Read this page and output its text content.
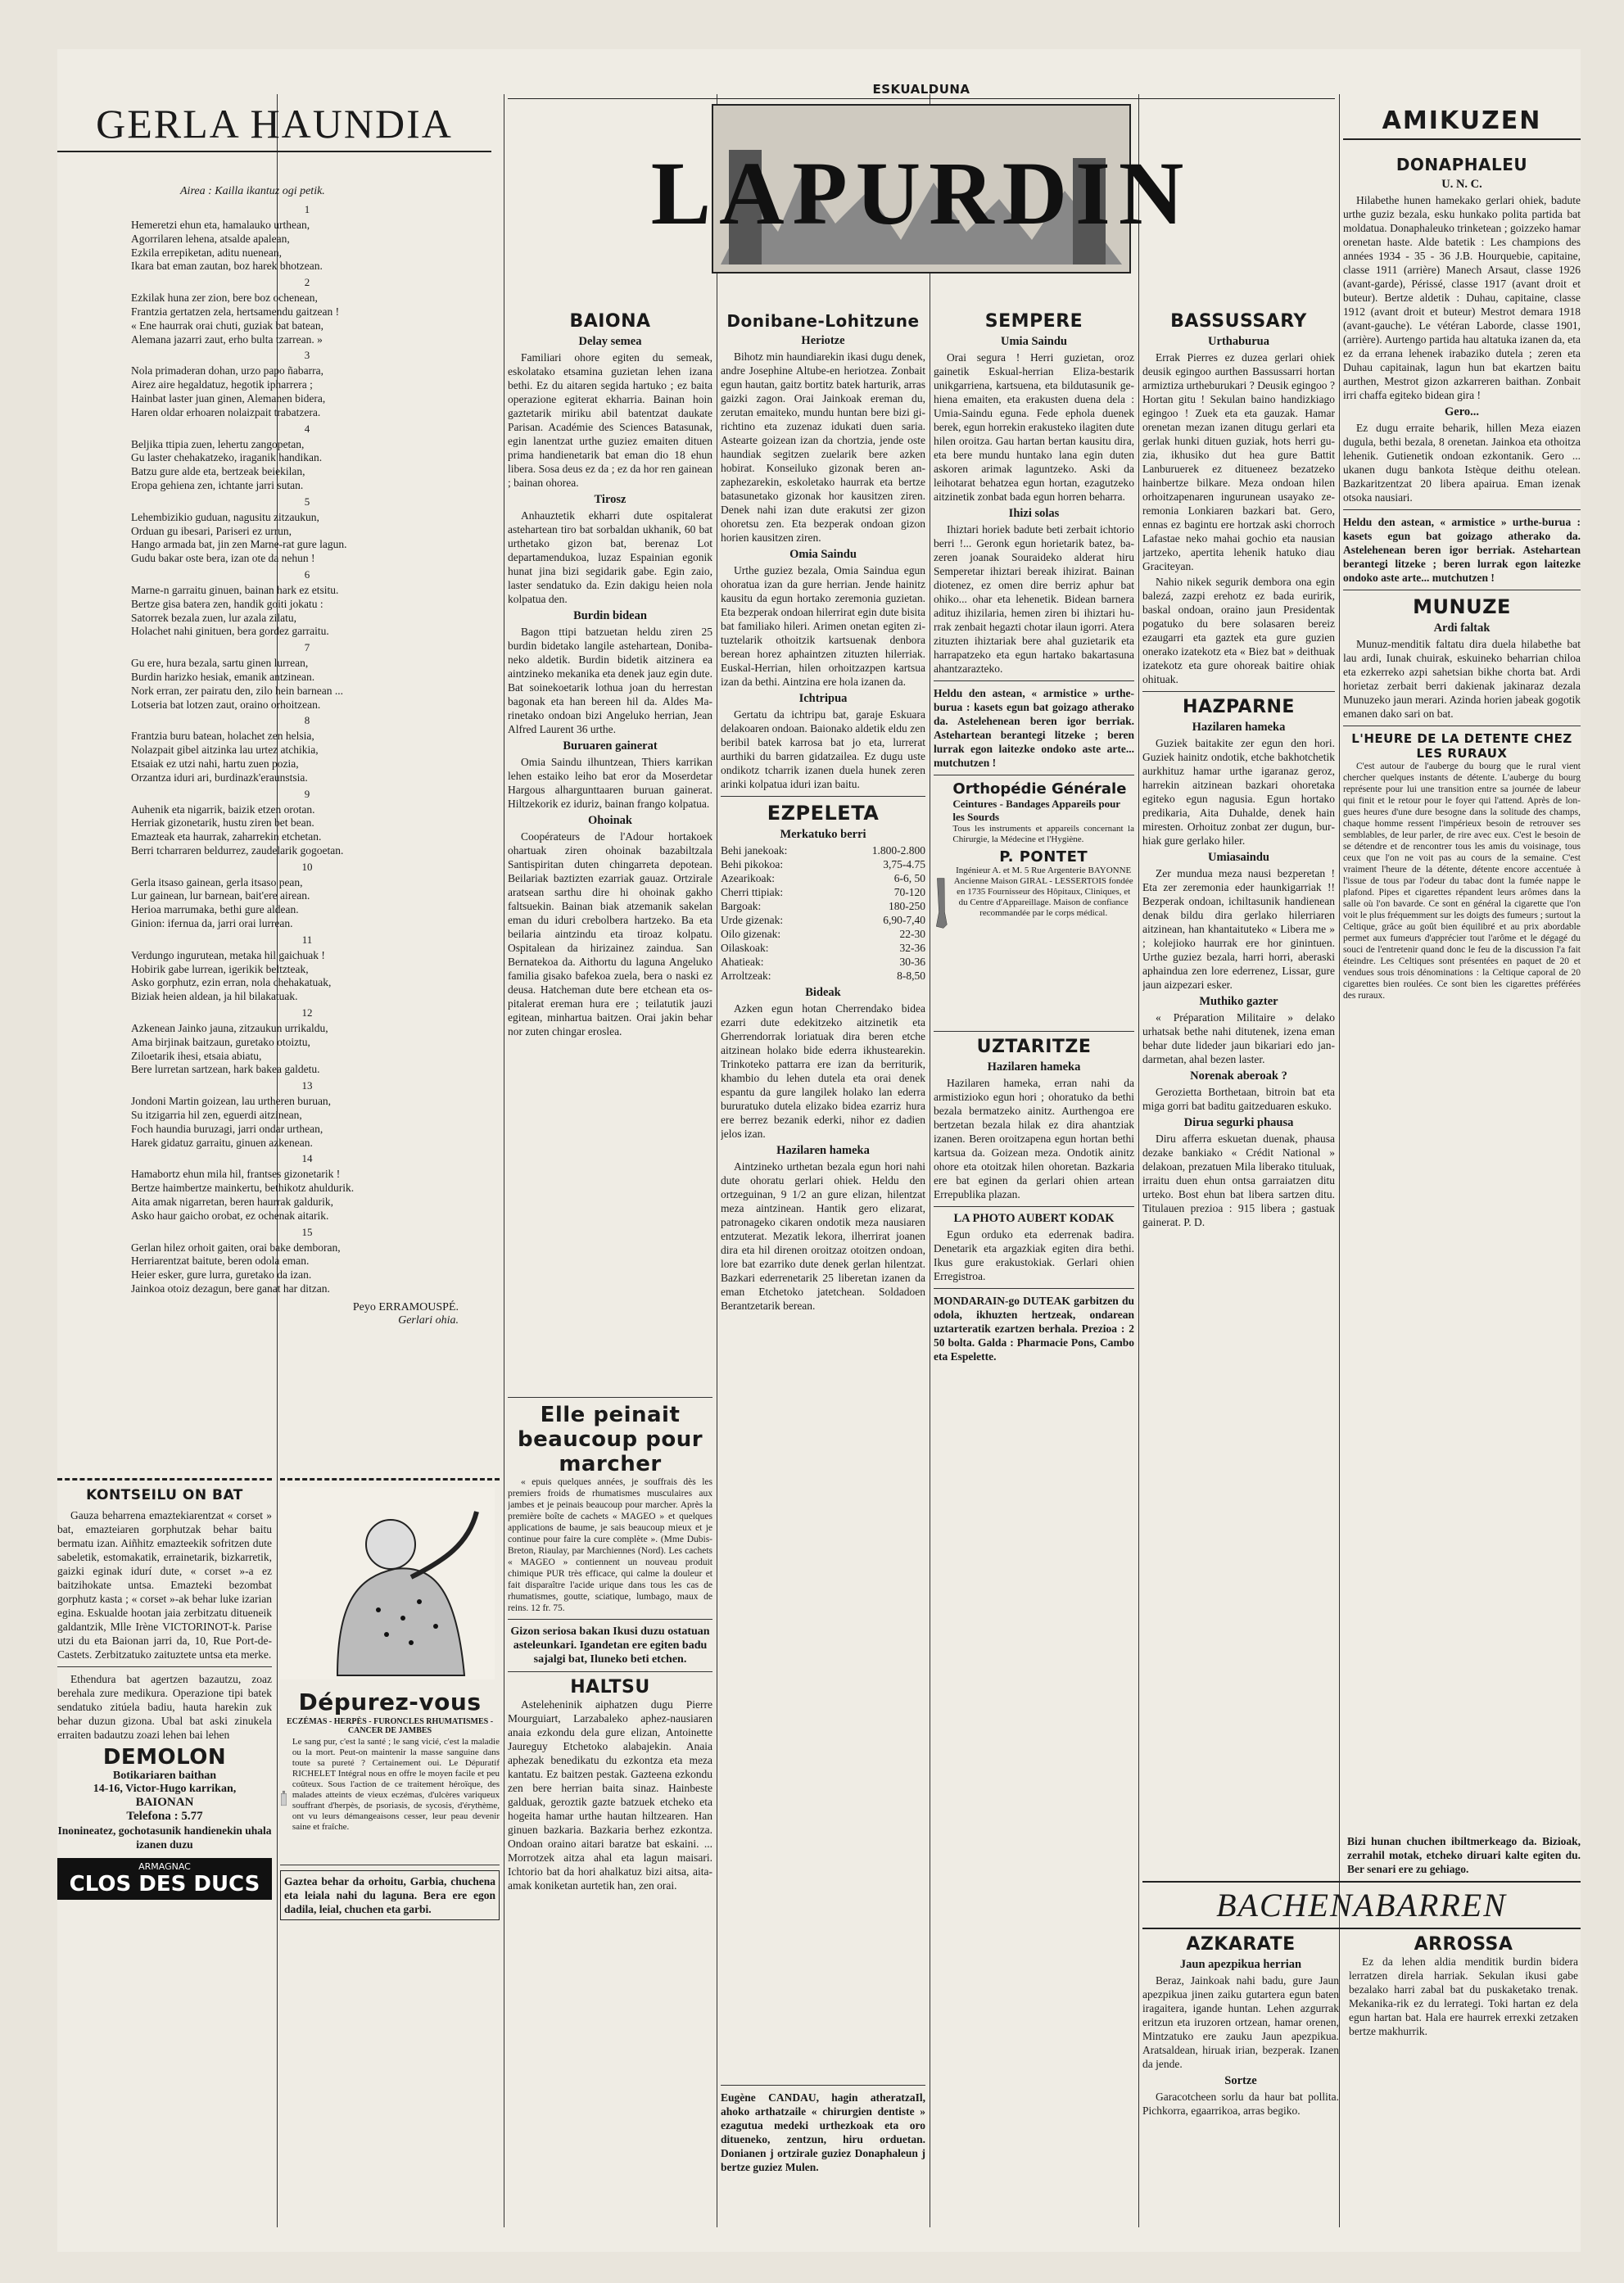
GERLA HAUNDIA
Airea : Kailla ikantuz ogi petik.
1

Hemeretzi ehun eta, hamalauko urthean,

Agorrilaren lehena, atsalde apalean,

Ezkila errepiketan, aditu nuenean,

Ikara bat eman zautan, boz harek bhotzean.

2

Ezkilak huna zer zion, bere boz ochenean,

Frantzia gertatzen zela, hertsamendu gaitzean !

« Ene haurrak orai chuti, guziak bat batean,

Alemana jazarri zaut, erho bulta tzarrean. »

3

Nola primaderan dohan, urzo papo ñabarra,

Airez aire hegaldatuz, hegotik ipharrera ;

Hainbat laster juan ginen, Alemanen bidera,

Haren oldar erhoaren nolaizpait trabatzera.

4

Beljika ttipia zuen, lehertu zangopetan,

Gu laster chehakatzeko, iraganik handikan.

Batzu gure alde eta, bertzeak beiekilan,

Eropa gehiena zen, ichtante jarri sutan.

5

Lehembizikio guduan, nagusitu zitzaukun,

Orduan gu ibesari, Pariseri ez urrun,

Hango armada bat, jin zen Marne-rat gure lagun.

Gudu bakar oste bera, izan ote da nehun !

6

Marne-n garraitu ginuen, bainan hark ez etsitu.

Bertze gisa batera zen, handik goiti jokatu :

Satorrek bezala zuen, lur azala zilatu,

Holachet nahi ginituen, bera gordez garraitu.

7

Gu ere, hura bezala, sartu ginen lurrean,

Burdin harizko hesiak, emanik antzinean.

Nork erran, zer pairatu den, zilo hein barnean ...

Lotseria bat lotzen zaut, oraino orhoitzean.

8

Frantzia buru batean, holachet zen helsia,

Nolazpait gibel aitzinka lau urtez atchikia,

Etsaiak ez utzi nahi, hartu zuen pozia,

Orzantza iduri ari, burdinazk'eraunstsia.

9

Auhenik eta nigarrik, baizik etzen orotan.

Herriak gizonetarik, hustu ziren bet bean.

Emazteak eta haurrak, zaharrekin etchetan.

Berri tcharraren beldurrez, zaudelarik gogoetan.

10

Gerla itsaso gainean, gerla itsaso pean,

Lur gainean, lur barnean, bait'ere airean.

Herioa marrumaka, bethi gure aldean.

Ginion: ifernua da, jarri orai lurrean.

11

Verdungo ingurutean, metaka hil gaichuak !

Hobirik gabe lurrean, igerikik beltzteak,

Asko gorphutz, ezin erran, nola chehakatuak,

Biziak heien aldean, ja hil bilakatuak.

12

Azkenean Jainko jauna, zitzaukun urrikaldu,

Ama birjinak baitzaun, guretako otoiztu,

Ziloetarik ihesi, etsaia abiatu,

Bere lurretan sartzean, hark bakea galdetu.

13

Jondoni Martin goizean, lau urtheren buruan,

Su itzigarria hil zen, eguerdi aitzinean,

Foch haundia buruzagi, jarri ondar urthean,

Harek gidatuz garraitu, ginuen azkenean.

14

Hamabortz ehun mila hil, frantses gizonetarik !

Bertze haimbertze mainkertu, bethikotz ahuldurik.

Aita amak nigarretan, beren haurrak galdurik,

Asko haur gaicho orobat, ez ochenak aitarik.

15

Gerlan hilez orhoit gaiten, orai bake demboran,

Herriarentzat baitute, beren odola eman.

Heier esker, gure lurra, guretako da izan.

Jainkoa otoiz dezagun, bere ganat har ditzan.

Peyo ERRAMOUSPÉ.
Gerlari ohia.
KONTSEILU ON BAT
Gauza beharrena emaztekiarentzat « corset » bat, emazteiaren gorphutzak behar baitu bermatu izan. Aiñhitz emazteekik sofritzen dute sabeletik, estomakatik, errainetarik, bizkarretik, gaizki eginak idurí dute, « corset »-a ez baitzihokate untsa. Emazteki bezombat gorphutz kasta ; « corset »-ak behar luke izarian egina. Eskualde hootan jaia zerbitzatu ditueneik galdantzik, Mlle Irène VICTORINOT-k. Parise utzi du eta Baionan jarri da, 10, Rue Port-de-Castets. Zerbitzatuko zaituztete untsa eta merke.
Ethendura bat agertzen bazautzu, zoaz berehala zure medikura. Operazione tipi batek sendatuko zitúela badiu, hauta harekin zuk behar duzun gizona. Ubal bat aski zinukela erraiten badautzu zoazi lehen bai lehen
DEMOLON
Botikariaren baithan
14-16, Victor-Hugo karrikan,
BAIONAN
Telefona : 5.77
Inonineatez, gochotasunik handienekin uhala izanen duzu
ARMAGNAC
CLOS DES DUCS
Dépurez-vous
ECZÉMAS - HERPÈS - FURONCLES RHUMATISMES - CANCER DE JAMBES
Le sang pur, c'est la santé ; le sang vicié, c'est la maladie ou la mort. Peut-on maintenir la masse sanguine dans toute sa pureté ? Certainement oui. Le Dépuratif RICHELET Intégral nous en offre le moyen facile et peu coûteux. Sous l'action de ce traitement héroïque, des malades atteints de vieux eczémas, d'ulcères variqueux souffrant d'herpès, de psoriasis, de sycosis, d'érythème, ont vu leurs démangeaisons cesser, leur peau devenir saine et fraîche.
Gaztea behar da orhoitu, Garbia, chuchena eta leiala nahi du laguna. Bera ere egon dadila, leial, chuchen eta garbi.
ESKUALDUNA
LAPURDIN
BAIONA
Delay semea
Familiari ohore egiten du semeak, eskolatako etsamina guzietan lehen izana bethi. Ez du aitaren segida hartuko ; ez baita operazione egiterat ekharria. Bainan hoin gaztetarik miriku abil batentzat daukate Parisan. Académie des Sciences Batasunak, egin lanentzat urthe guziez emaiten dituen prima handienetarik bat eman dio 18 ehun libera. Sosa deus ez da ; ez da hor ren gainean ; bainan ohorea.
Tirosz
Anhauztetik ekharri dute ospitalerat astehartean tiro bat sorbaldan ukhanik, 60 bat urthetako gizon bat, berenaz Lot departamendukoa, luzaz Espainian egonik hunat jina bizi segidarik gabe. Egin zaio, laster sendatuko da. Ezin dakigu heien nola kolpatua den.
Burdin bidean
Bagon ttipi batzuetan heldu ziren 25 burdin bidetako langile astehartean, Donibaneko aldetik. Burdin bidetik aitzinera ea aintzineko mekanika eta denek jauz egin dute. Bat soinekoetarik lothua joan du herrestan bagonak eta han bereen hil da. Aldes Marinetako ondoan bizi Angeluko herrian, Jean Alfred Laurent 36 urthe.
Buruaren gainerat
Omia Saindu ilhuntzean, Thiers karrikan lehen estaiko leiho bat eror da Moserdetar Hargous alhargunttaaren buruan gainerat. Hiltzekorik ez iduriz, bainan frango kolpatua.
Ohoinak
Coopérateurs de l'Adour hortakoek ohartuak ziren ohoinak bazabiltzala Santispiritan duten chingarreta depotean. Beilariak baztizten ezarriak gauaz. Ortziralе aratsean sarthu dire hi ohoinak gakho faltsuekin. Bainan biak atzemanik sakelan eman du iduri crebolbera hartzeko. Ba eta beilaria aintzindu eta tiroaz kolpatu. Ospitalean da hirizainez zaindua. San Bernatekoa da. Aithortu du laguna Angeluko familia gisako bafekoa zuela, bera o naski ez deusa. Hatcheman dute bere etchean eta ospitalerat ereman hura ere ; teilatutik jauzi egitean, minhartua baitzen. Orai jakin behar nor zuten chingar eroslea.
Elle peinait beaucoup pour marcher
« epuis quelques années, je souffrais dès les premiers froids de rhumatismes musculaires aux jambes et je peinais beaucoup pour marcher. Après la première boîte de cachets « MAGEO » et quelques applications de baume, je sais beaucoup mieux et je continue pour faire la cure complète ». (Mme Dubis-Breton, Riaulay, par Marchiennes (Nord). Les cachets « MAGEO » contiennent un nouveau produit chimique PUR très efficace, qui calme la douleur et fait disparaître l'acide urique dans tous les cas de rhumatismes, goutte, sciatique, lumbago, maux de reins. 12 fr. 75.
Gizon seriosa bakan Ikusi duzu ostatuan asteleunkari. Igandetan ere egiten badu sajalgi bat, Iluneko beti etchen.
HALTSU
Asteleheninik aiphatzen dugu Pierre Mourguiart, Larzabaleko aphez-nausiaren anaia ezkondu dela gure elizan, Antoinette Jaureguy Etchetoko alabajekin. Anaia aphezak benedikatu du ezkontza eta meza kantatu. Ez baitzen pestak. Gazteena ezkondu zen bere herrian baita sinaz. Hainbeste galduak, geroztik gazte batzuek etcheko eta hogeita hamar urthe hautan hiltzearen. Han ginuen bazkaria. Bazkaria berhez ezkontza. Ondoan oraino aitari baratze bat eskaini. ... Morrotzek aitza ahal eta lagun maisari. Ichtorio bat da hori ahalkatuz bizi aitsa, aita-amak koniketan aurtetik han, zen orai.
Donibane-Lohitzune
Heriotze
Bihotz min haundiarekin ikasi dugu denek, andre Josephine Altube-en heriotzea. Zonbait egun hautan, gaitz bortitz batek harturik, arras gaizki zagon. Orai Jainkoak ereman du, zerutan emaiteko, mundu huntan bere bizi girichtino eta zuzenaz idukati duen saria. Astearte goizean izan da chortzia, jende oste haundiak segitzen zuelarik bere azken hobirat. Konseiluko gizonak beren anzaphezarekin, eskoletako haurrak eta bertze batasunetako gizonak hor kausitzen ziren. Denek nahi izan dute erakutsi zer gizon ohoretsu zen. Eta bezperak ondoan gizon horien kausitzen ziren.
Omia Saindu
Urthe guziez bezala, Omia Saindua egun ohoratua izan da gure herrian. Jende hainitz kausitu da egun hortako zeremonia guzietan. Eta bezperak ondoan hilerrirat egin dute bisita bat familiako hileri. Arimen onetan egiten zituztelarik othoitzik kartsuenak denbora berean horez aphaintzen zituzten hilerriak. Euskal-Herrian, hilen orhoitzazpen kartsua izan da bethi. Aintzina ere hola izanen da.
Ichtripua
Gertatu da ichtripu bat, garaje Eskuara delakoaren ondoan. Baionako aldetik eldu zen beribil batek karrosa bat jo eta, lurrerat aurthiki du barren gidatzailea. Ez dugu uste ondikotz tcharrik izanen duela hunek zeren arinki kolpatua iduri izan baitu.
EZPELETA
Merkatuko berri
Behi janekoak:	1.800-2.800
Behi pikokoa:	3,75-4.75
Azearikoak:	6-6, 50
Cherri ttipiak:	70-120
Bargoak:	180-250
Urde gizenak:	6,90-7,40
Oilo gizenak:	22-30
Oilaskoak:	32-36
Ahatieak:	30-36
Arroltzeak:	8-8,50
Bideak
Azken egun hotan Cherrendako bidea ezarri dute edekitzeko aitzinetik eta Gherrendorrak loriatuak dira beren etche aitzinean holako bide ederra ikhustearekin. Trinkoteko pattarra ere izan da berriturik, khambio du lehen dutela eta orai denek espantu da gure langilek holako lan ederra bururatuko dutela elizako bidea ezarriz hura ere berrez bezanik ederki, nihor ez dadien jelos izan.
Hazilaren hameka
Aintzineko urthetan bezala egun hori nahi dute ohoratu gerlari ohiek. Heldu den ortzeguinan, 9 1/2 an gure elizan, hilentzat meza aintzinean. Hantik gero elizarat, patronageko cikaren ondotik meza nausiaren entzuterat. Mezatik lekora, ilherrirat joanen dira eta hil direnen oroitzaz otoitzen ondoan, lore bat ezarriko dute denek gerlan hilentzat. Bazkari ederrenetarik 25 liberetan izanen da eman Etchetoko jatetchean. Soldadoen Berantzetarik berean.
SEMPERE
Umia Saindu
Orai segura ! Herri guzietan, oroz gainetik Eskual-herrian Eliza-bestarik unikgarriena, kartsuena, eta bildutasunik gehiena emaiten, eta erakusten duena dela : Umia-Saindu eguna. Fede ephola duenek berek, egun horrekin erakusteko ilagiten dute hilen oroitza. Gau hartan bertan kausitu dira, eta bere mundu huntako lana egin duten askoren arimak laguntzeko. Aski da leihotarat behatzea egun hortan, ezagutzeko aitzinetik zonbat bada egun horren beharra.
Ihizi solas
Ihiztari horiek badute beti zerbait ichtorio berri !... Geronk egun horietarik batez, bazeren joanak Souraideko alderat hiru Semperetar ihiztari bereak ihizirat. Bainan diotenez, ez omen dire berriz aphur bat ohiko... ohar eta lehenetik. Bidean barnera adituz ihizilaria, hemen ziren bi ihiztari hurrak zenbait hegazti chotar ilaun igorri. Atera zituzten ihiztariak bere ahal guzietarik eta harrapatzeko eta egun hartako bakartasuna ahantzarazteko.
Heldu den astean, « armistice » urthe-burua : kasets egun bat goizago atherako da. Astelehenean beren igor berriak. Astehartean berantegi litzeke ; beren lurrak egon laitezke ondoko aste arte... mutchutzen !
Orthopédie Générale
Ceintures - Bandages Appareils pour les Sourds
Tous les instruments et appareils concernant la Chirurgie, la Médecine et l'Hygiène.
P. PONTET
Ingénieur A. et M. 5 Rue Argenterie BAYONNE Ancienne Maison GIRAL - LESSERTOIS fondée en 1735 Fournisseur des Hôpitaux, Cliniques, et du Centre d'Appareillage. Maison de confiance recommandée par le corps médical.
UZTARITZE
Hazilaren hameka
Hazilaren hameka, erran nahi da armistizioko egun hori ; ohoratuko da bethi bezala bermatzeko ainitz. Aurthengoa ere bertzetan bezala hilak ez dira ahantziak izanen. Beren oroitzapena egun hortan bethi kartsua da. Goizean meza. Ondotik ainitz ohore eta otoitzak hilen ohoretan. Bazkaria ere bat eginen da gerlari ohien artean Errepublika plazan.
LA PHOTO AUBERT KODAK
Egun orduko eta ederrenak badira. Denetarik eta argazkiak egiten dira bethi. Ikus gure erakustokiak. Gerlari ohien Erregistroa.
MONDARAIN-go DUTEAK garbitzen du odola, ikhuzten hertzeak, ondarean uztarteratik ezartzen berhala. Prezioa : 2 50 bolta. Galda : Pharmacie Pons, Cambo eta Espelette.
Eugène CANDAU, hagin atheratzaIl, ahoko arthatzaile « chirurgien dentiste » ezagutua medeki urthezkoak eta oro ditueneko, zentzun, hiru orduetan. Donianen j ortzirale guziez Donaphaleun j bertze guziez Mulen.
BASSUSSARY
Urthaburua
Errak Pierres ez duzea gerlari ohiek deusik egingoo aurthen Bassussarri hortan armiztiza urtheburukari ? Deusik egingoo ? Hortan gitu ! Sekulan baino handizkiago egingoo ! Zuek eta eta gauzak. Hamar orenetan mezan izanen ditugu gerlari eta gerlak hunki dituen guziak, hots herri guzia, ikhusiko dut hea gure Battit Lanburuerek ez ditueneez bezatzeko hainbertze bilkare. Meza ondoan hilen orhoitzapenaren ingurunean usayako zeremonia Lonkiaren bazkari bat. Gero, ennas ez bagintu ere hortzak aski chorroch Lafastae neko mahai gochio eta nausian jartzeko, apertita lehenik hatuko diau Graciteyan.
Nahio nikek segurik dembora ona egin balezá, zazpi erehotz ez bada euririk, baskal ondoan, oraino jaun Presidentak pogatuko du bere solasaren bereiz ezaugarri eta gaztek eta gure guzien onerako izatekotz eta « Biez bat » deithuak izatekotz eta gure ohoreak baitire ohiak ohituak.
HAZPARNE
Hazilaren hameka
Guziek baitakite zer egun den hori. Guziek hainitz ondotik, etche bakhotchetik aurkhituz hamar urthe igaranaz geroz, harrekin aitzinean bazkari ohoretaka egiteko egun nagusia. Egun hortako predikaria, Aita Duhalde, denek hain miresten. Orhoituz zonbat zer dugun, burhiak gure gerlako hiler.
Umiasaindu
Zer mundua meza nausi bezperetan ! Eta zer zeremonia eder haunkigarriak !! Bezperak ondoan, ichiltasunik handienean denak bildu dira gerlako hilerriaren aitzinean, han khantaituteko « Libera me » ; kolejioko haurrak ere hor ginintuen. Urthe guziez bezala, harri horri, aberaski aphaindua zen lore ederrenez, Lissar, gure jaun aizpezari esker.
Muthiko gazter
« Préparation Militaire » delako urhatsak bethe nahi ditutenek, izena eman behar dute lideder jaun bikariari edo jandarmetan, ahal bezen laster.
Norenak aberoak ?
Gerozietta Borthetaan, bitroin bat eta miga gorri bat baditu gaitzeduaren eskuko.
Dirua segurki phausa
Diru afferra eskuetan duenak, phausa dezake bankiako « Crédit National » delakoan, prezatuen Mila liberako tituluak, irraitu duen ehun ontsa garraiatzen ditu urteko. Bost ehun bat libera sartzen ditu. Titulauen prezioa : 915 libera ; gastuak gainerat. P. D.
AMIKUZEN
DONAPHALEU
U. N. C.
Hilabethe hunen hamekako gerlari ohiek, badute urthe guziz bezala, esku hunkako polita partida bat moldatua. Donaphaleuko trinketean ; goizzeko hamar orenetan haste. Alde batetik : Les champions des années 1934 - 35 - 36 J.B. Hourquebie, capitaine, classe 1911 (arrière) Manech Arsaut, classe 1926 (avant-garde), Périssé, classe 1917 (avant droit et buteur). Bertze aldetik : Duhau, capitaine, classe 1912 (avant droit et buteur) Mestrot demara 1918 (avant-gauche). Le vétéran Laborde, classe 1901, (arrière). Aurtengo partida hau altatuka izanen da, eta ez da errana lehenek irabaziko dutela ; zeren eta Duhau capitainak, lagun hun bat ekartzen baitu aurthen, Mestrot gizon azkarreren baithan. Zonbait irri chaffa egiteko bidean gira !
Gero...
Ez dugu erraite beharik, hillen Meza eiazen dugula, bethi bezala, 8 orenetan. Jainkoa eta othoitza lehenik. Gutienetik ondoan ezkontanik. Gero ... ukanen dugu bankota Istèque deithu otelean. Bazkaritzentzat 20 libera apairua. Eman izenak otsoka nausiari.
Heldu den astean, « armistice » urthe-burua : kasets egun bat goizago atherako da. Astelehenean beren igor berriak. Astehartean berantegi litzeke ; beren lurrak egon laitezke ondoko aste arte... mutchutzen !
MUNUZE
Ardi faltak
Munuz-menditik faltatu dira duela hilabethe bat lau ardi, Iunak chuirak, eskuineko beharrian chiloa eta ezkerreko azpi sahetsian bikhe chorta bat. Ardi horietaz zerbait berri dakienak jakinaraz dezala Munuzeko jaun merari. Azinda horien jabeak gogotik emanen dako sari on bat.
L'HEURE DE LA DETENTE CHEZ LES RURAUX
C'est autour de l'auberge du bourg que le rural vient chercher quelques instants de détente. L'auberge du bourg représente pour lui une transition entre sa journée de labeur qui finit et le retour pour le foyer qui l'attend. Après de longues heures d'une dure besogne dans la solitude des champs, chaque homme ressent l'impérieux besoin de retrouver ses semblables, de leur parler, de rire avec eux. C'est le besoin de se détendre et de rencontrer tous les amis du voisinage, tous ceux que l'on ne voit pas au cours de la semaine. C'est vraiment l'heure de la détente, détente encore accentuée à l'issue de tous par l'odeur du tabac dont la fumée nappe le plafond. Pipes et cigarettes répandent leurs arômes dans la salle où l'on bavarde. Ce sont en général la cigarette que l'on voit le plus fréquemment sur les doigts des fumeurs ; surtout la Celtique, grâce au goût bien équilibré et au prix abordable permet aux fumeurs d'apprécier tout l'arôme et le dégagé du souci de l'entretenir quand donc le feu de la discussion l'a fait éteindre. Les Celtiques sont présentées en paquet de 20 et vendues sous trois dénominations : la Celtique caporal de 20 cigarettes bien roulées. Ce sont bien les cigarettes préférées des ruraux.
Bizi hunan chuchen ibiltmerkeago da. Bizioak, zerrahil motak, etcheko diruari kalte egiten du. Ber senari ere zu gehiago.
BACHENABARREN
AZKARATE
Jaun apezpikua herrian
Beraz, Jainkoak nahi badu, gure Jaun apezpikua jinen zaiku gutartera egun baten iragaitera, igande huntan. Lehen azgurrak eritzun eta iruzoren ortzean, hamar orenen, Mintzatuko ere zauku Jaun apezpikua. Aratsaldean, hiruak irian, bezperak. Izanen da jende.
Sortze
Garacotcheen sorlu da haur bat pollita. Pichkorra, egaarrikoa, arras begiko.
ARROSSA
Ez da lehen aldia menditik burdin bidera lerratzen direla harriak. Sekulan ikusi gabe bezalako harri zabal bat du puskaketako trenak. Mekanika-rik ez du lerrategi. Toki hartan ez dela egun hartan bat. Hala ere haurrek errexki zetzaken bertze makhurrik.
